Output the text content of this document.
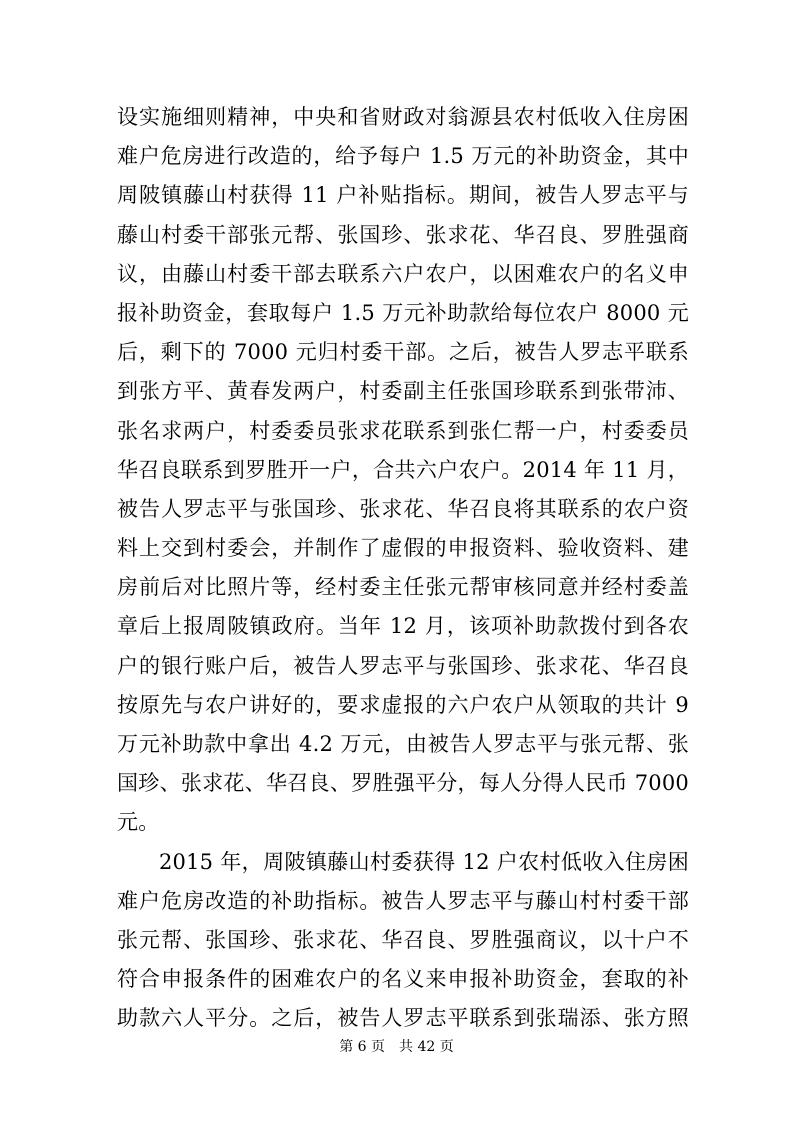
设实施细则精神，中央和省财政对翁源县农村低收入住房困
难户危房进行改造的，给予每户 1.5 万元的补助资金，其中
周陂镇藤山村获得 11 户补贴指标。期间，被告人罗志平与
藤山村委干部张元帮、张国珍、张求花、华召良、罗胜强商
议，由藤山村委干部去联系六户农户，以困难农户的名义申
报补助资金，套取每户 1.5 万元补助款给每位农户 8000 元
后，剩下的 7000 元归村委干部。之后，被告人罗志平联系
到张方平、黄春发两户，村委副主任张国珍联系到张带沛、
张名求两户，村委委员张求花联系到张仁帮一户，村委委员
华召良联系到罗胜开一户，合共六户农户。2014 年 11 月，
被告人罗志平与张国珍、张求花、华召良将其联系的农户资
料上交到村委会，并制作了虚假的申报资料、验收资料、建
房前后对比照片等，经村委主任张元帮审核同意并经村委盖
章后上报周陂镇政府。当年 12 月，该项补助款拨付到各农
户的银行账户后，被告人罗志平与张国珍、张求花、华召良
按原先与农户讲好的，要求虚报的六户农户从领取的共计 9
万元补助款中拿出 4.2 万元，由被告人罗志平与张元帮、张
国珍、张求花、华召良、罗胜强平分，每人分得人民币 7000
元。
2015 年，周陂镇藤山村委获得 12 户农村低收入住房困
难户危房改造的补助指标。被告人罗志平与藤山村村委干部
张元帮、张国珍、张求花、华召良、罗胜强商议，以十户不
符合申报条件的困难农户的名义来申报补助资金，套取的补
助款六人平分。之后，被告人罗志平联系到张瑞添、张方照
第 6 页　共 42 页
